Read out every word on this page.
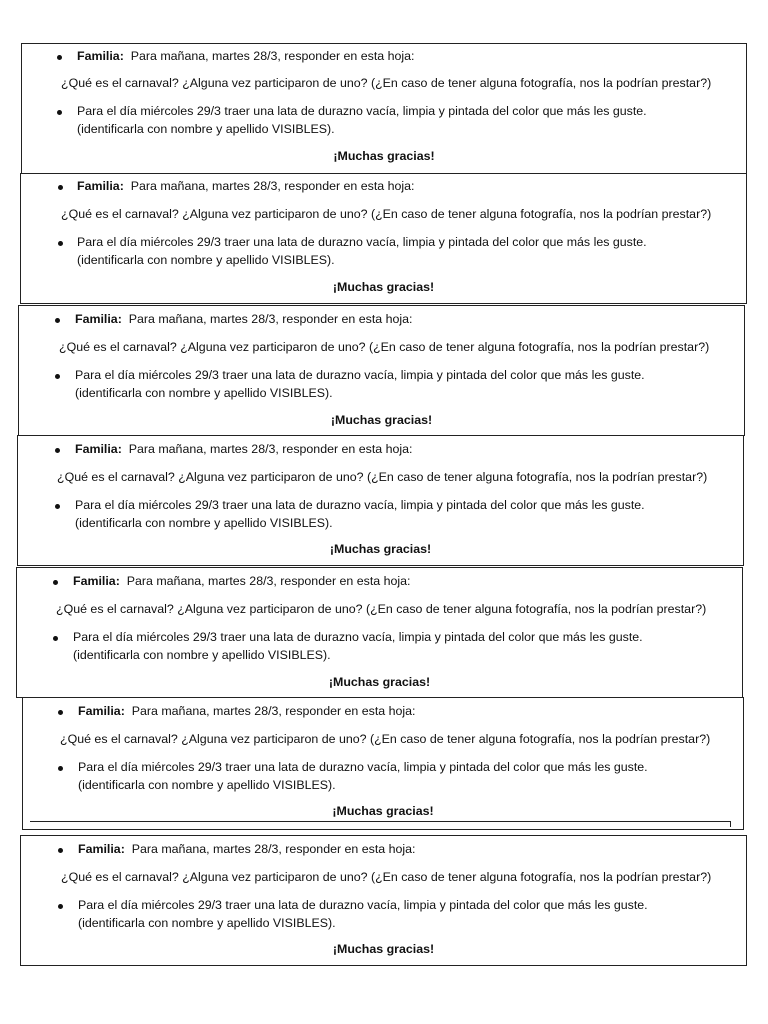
Familia: Para mañana, martes 28/3, responder en esta hoja:
¿Qué es el carnaval? ¿Alguna vez participaron de uno? (¿En caso de tener alguna fotografía, nos la podrían prestar?)
Para el día miércoles 29/3 traer una lata de durazno vacía, limpia y pintada del color que más les guste.
(identificarla con nombre y apellido VISIBLES).
¡Muchas gracias!
Familia: Para mañana, martes 28/3, responder en esta hoja:
¿Qué es el carnaval? ¿Alguna vez participaron de uno? (¿En caso de tener alguna fotografía, nos la podrían prestar?)
Para el día miércoles 29/3 traer una lata de durazno vacía, limpia y pintada del color que más les guste.
(identificarla con nombre y apellido VISIBLES).
¡Muchas gracias!
Familia: Para mañana, martes 28/3, responder en esta hoja:
¿Qué es el carnaval? ¿Alguna vez participaron de uno? (¿En caso de tener alguna fotografía, nos la podrían prestar?)
Para el día miércoles 29/3 traer una lata de durazno vacía, limpia y pintada del color que más les guste.
(identificarla con nombre y apellido VISIBLES).
¡Muchas gracias!
Familia: Para mañana, martes 28/3, responder en esta hoja:
¿Qué es el carnaval? ¿Alguna vez participaron de uno? (¿En caso de tener alguna fotografía, nos la podrían prestar?)
Para el día miércoles 29/3 traer una lata de durazno vacía, limpia y pintada del color que más les guste.
(identificarla con nombre y apellido VISIBLES).
¡Muchas gracias!
Familia: Para mañana, martes 28/3, responder en esta hoja:
¿Qué es el carnaval? ¿Alguna vez participaron de uno? (¿En caso de tener alguna fotografía, nos la podrían prestar?)
Para el día miércoles 29/3 traer una lata de durazno vacía, limpia y pintada del color que más les guste.
(identificarla con nombre y apellido VISIBLES).
¡Muchas gracias!
Familia: Para mañana, martes 28/3, responder en esta hoja:
¿Qué es el carnaval? ¿Alguna vez participaron de uno? (¿En caso de tener alguna fotografía, nos la podrían prestar?)
Para el día miércoles 29/3 traer una lata de durazno vacía, limpia y pintada del color que más les guste.
(identificarla con nombre y apellido VISIBLES).
¡Muchas gracias!
Familia: Para mañana, martes 28/3, responder en esta hoja:
¿Qué es el carnaval? ¿Alguna vez participaron de uno? (¿En caso de tener alguna fotografía, nos la podrían prestar?)
Para el día miércoles 29/3 traer una lata de durazno vacía, limpia y pintada del color que más les guste.
(identificarla con nombre y apellido VISIBLES).
¡Muchas gracias!
